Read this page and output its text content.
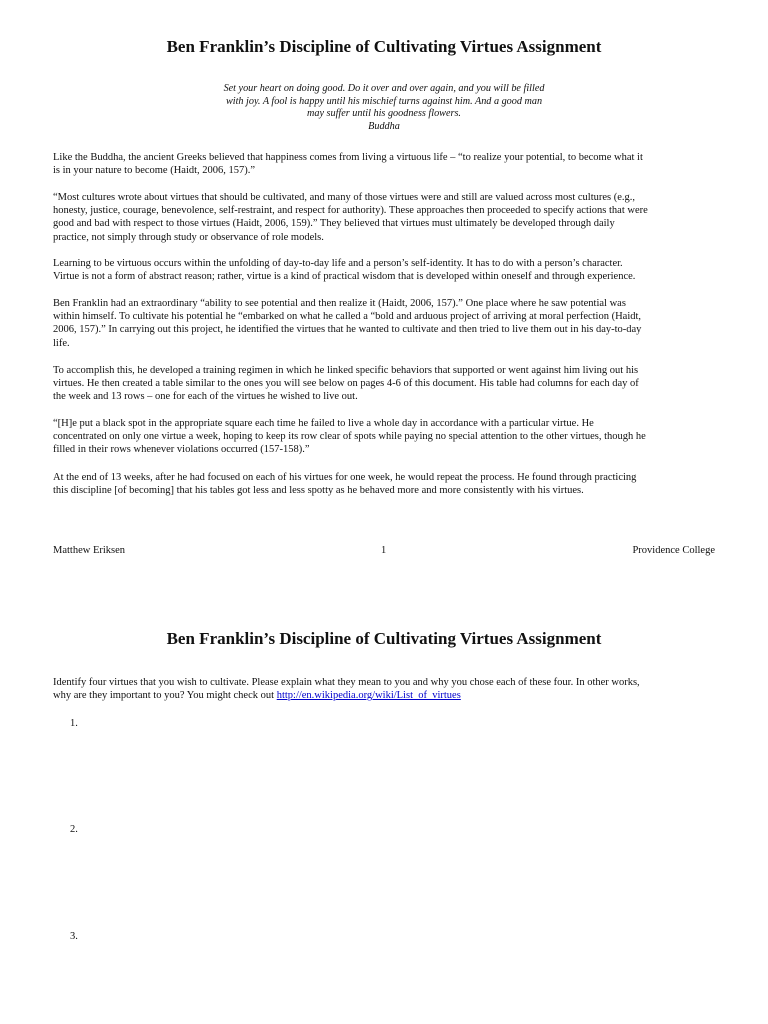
Ben Franklin’s Discipline of Cultivating Virtues Assignment
Set your heart on doing good. Do it over and over again, and you will be filled
with joy. A fool is happy until his mischief turns against him. And a good man
may suffer until his goodness flowers.
Buddha
Like the Buddha, the ancient Greeks believed that happiness comes from living a virtuous life – “to realize your potential, to become what it
is in your nature to become (Haidt, 2006, 157).”
“Most cultures wrote about virtues that should be cultivated, and many of those virtues were and still are valued across most cultures (e.g.,
honesty, justice, courage, benevolence, self-restraint, and respect for authority). These approaches then proceeded to specify actions that were
good and bad with respect to those virtues (Haidt, 2006, 159).” They believed that virtues must ultimately be developed through daily
practice, not simply through study or observance of role models.
Learning to be virtuous occurs within the unfolding of day-to-day life and a person’s self-identity. It has to do with a person’s character.
Virtue is not a form of abstract reason; rather, virtue is a kind of practical wisdom that is developed within oneself and through experience.
Ben Franklin had an extraordinary “ability to see potential and then realize it (Haidt, 2006, 157).” One place where he saw potential was
within himself. To cultivate his potential he “embarked on what he called a “bold and arduous project of arriving at moral perfection (Haidt,
2006, 157).” In carrying out this project, he identified the virtues that he wanted to cultivate and then tried to live them out in his day-to-day
life.
To accomplish this, he developed a training regimen in which he linked specific behaviors that supported or went against him living out his
virtues. He then created a table similar to the ones you will see below on pages 4-6 of this document. His table had columns for each day of
the week and 13 rows – one for each of the virtues he wished to live out.
“[H]e put a black spot in the appropriate square each time he failed to live a whole day in accordance with a particular virtue. He
concentrated on only one virtue a week, hoping to keep its row clear of spots while paying no special attention to the other virtues, though he
filled in their rows whenever violations occurred (157-158).”
At the end of 13 weeks, after he had focused on each of his virtues for one week, he would repeat the process. He found through practicing
this discipline [of becoming] that his tables got less and less spotty as he behaved more and more consistently with his virtues.
Matthew Eriksen	1	Providence College
Ben Franklin’s Discipline of Cultivating Virtues Assignment
Identify four virtues that you wish to cultivate. Please explain what they mean to you and why you chose each of these four. In other works,
why are they important to you? You might check out http://en.wikipedia.org/wiki/List_of_virtues
1.
2.
3.
